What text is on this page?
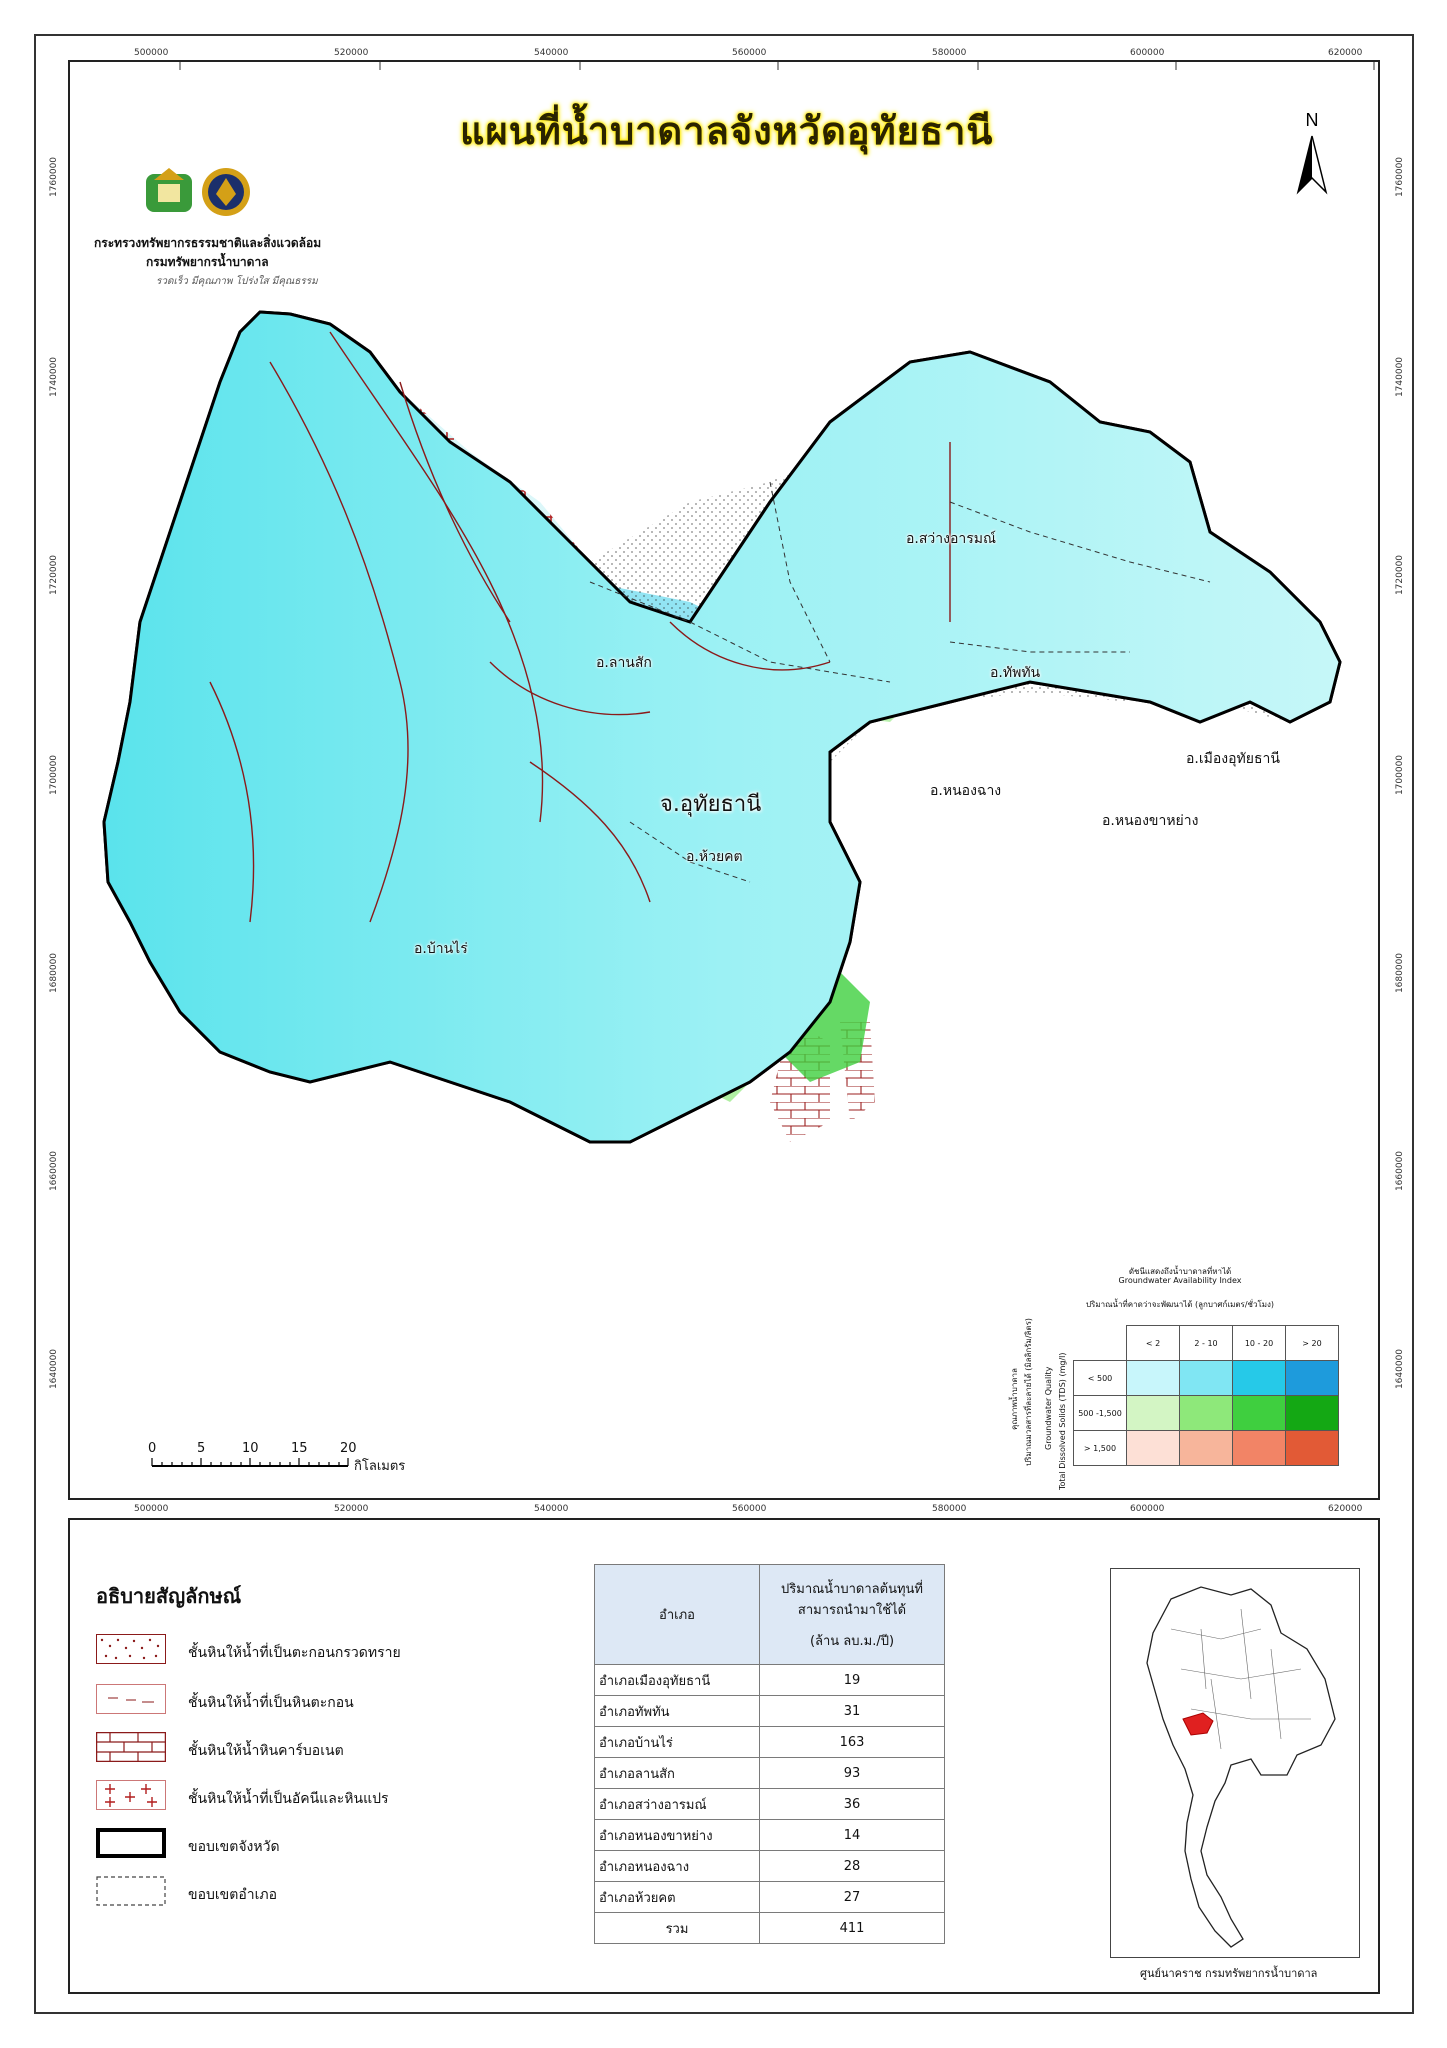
500000	520000	540000	560000	580000	600000	620000
500000	520000	540000	560000	580000	600000	620000
1760000
1740000
1720000
1700000
1680000
1660000
1640000
1760000
1740000
1720000
1700000
1680000
1660000
1640000
แผนที่น้ำบาดาลจังหวัดอุทัยธานี	N
กระทรวงทรัพยากรธรรมชาติและสิ่งแวดล้อม
กรมทรัพยากรน้ำบาดาล
รวดเร็ว มีคุณภาพ โปร่งใส มีคุณธรรม
อ.สว่างอารมณ์
อ.ลานสัก
อ.ทัพทัน
อ.เมืองอุทัยธานี
อ.หนองฉาง
อ.หนองขาหย่าง
อ.ห้วยคต
อ.บ้านไร่
จ.อุทัยธานี
0	5	10 15 20
กิโลเมตร
ดัชนีแสดงถึงน้ำบาดาลที่หาได้
Groundwater Availability Index
ปริมาณน้ำที่คาดว่าจะพัฒนาได้ (ลูกบาศก์เมตร/ชั่วโมง)
	< 2	2 - 10	10 - 20	> 20
< 500				
500 -1,500				
> 1,500				
Total Dissolved Solids (TDS) (mg/l)
Groundwater Quality
ปริมาณมวลสารที่ละลายได้ (มิลลิกรัม/ลิตร)
คุณภาพน้ำบาดาล
อธิบายสัญลักษณ์
ชั้นหินให้น้ำที่เป็นตะกอนกรวดทราย
ชั้นหินให้น้ำที่เป็นหินตะกอน
ชั้นหินให้น้ำหินคาร์บอเนต
ชั้นหินให้น้ำที่เป็นอัคนีและหินแปร
ขอบเขตจังหวัด
ขอบเขตอำเภอ
อำเภอ	ปริมาณน้ำบาดาลต้นทุนที่
สามารถนำมาใช้ได้
(ล้าน ลบ.ม./ปี)

อำเภอเมืองอุทัยธานี	19
อำเภอทัพทัน	31
อำเภอบ้านไร่	163
อำเภอลานสัก	93
อำเภอสว่างอารมณ์	36
อำเภอหนองขาหย่าง	14
อำเภอหนองฉาง	28
อำเภอห้วยคต	27
รวม	411
ศูนย์นาคราช กรมทรัพยากรน้ำบาดาล
